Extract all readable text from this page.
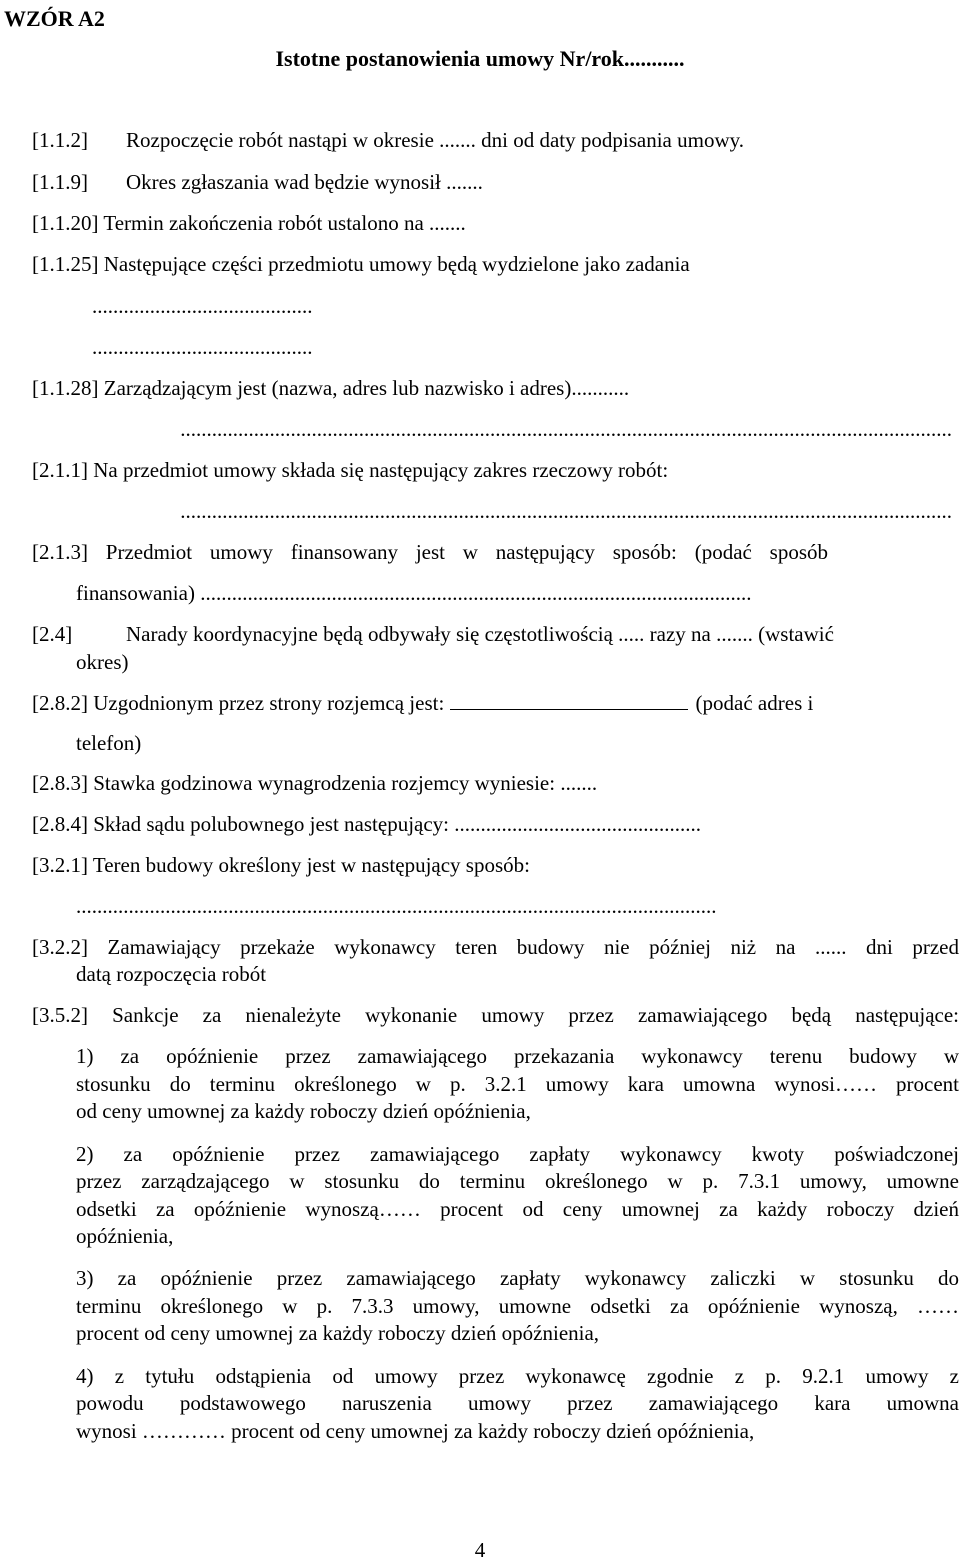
WZÓR A2
Istotne postanowienia umowy Nr/rok...........
[1.1.2] Rozpoczęcie robót nastąpi w okresie ....... dni od daty podpisania umowy.
[1.1.9] Okres zgłaszania wad będzie wynosił .......
[1.1.20] Termin zakończenia robót ustalono na .......
[1.1.25] Następujące części przedmiotu umowy będą wydzielone jako zadania
..........................................
..........................................
[1.1.28] Zarządzającym jest (nazwa, adres lub nazwisko i adres)...........
...................................................................................................................................................
[2.1.1] Na przedmiot umowy składa się następujący zakres rzeczowy robót:
...................................................................................................................................................
[2.1.3] Przedmiot umowy finansowany jest w następujący sposób: (podać sposób
finansowania) .........................................................................................................
[2.4]	Narady koordynacyjne będą odbywały się częstotliwością ..... razy na ....... (wstawić
okres)
[2.8.2] Uzgodnionym przez strony rozjemcą jest:	(podać adres i
telefon)
[2.8.3] Stawka godzinowa wynagrodzenia rozjemcy wyniesie: .......
[2.8.4] Skład sądu polubownego jest następujący: ...............................................
[3.2.1] Teren budowy określony jest w następujący sposób:
..........................................................................................................................
[3.2.2] Zamawiający przekaże wykonawcy teren budowy nie później niż na ...... dni przed
datą rozpoczęcia robót
[3.5.2] Sankcje za nienależyte wykonanie umowy przez zamawiającego będą następujące:
1) za opóźnienie przez zamawiającego przekazania wykonawcy terenu budowy w
stosunku do terminu określonego w p. 3.2.1 umowy kara umowna wynosi…… procent
od ceny umownej za każdy roboczy dzień opóźnienia,
2) za opóźnienie przez zamawiającego zapłaty wykonawcy kwoty poświadczonej
przez zarządzającego w stosunku do terminu określonego w p. 7.3.1 umowy, umowne
odsetki za opóźnienie wynoszą…… procent od ceny umownej za każdy roboczy dzień
opóźnienia,
3) za opóźnienie przez zamawiającego zapłaty wykonawcy zaliczki w stosunku do
terminu określonego w p. 7.3.3 umowy, umowne odsetki za opóźnienie wynoszą, ……
procent od ceny umownej za każdy roboczy dzień opóźnienia,
4) z tytułu odstąpienia od umowy przez wykonawcę zgodnie z p. 9.2.1 umowy z
powodu podstawowego naruszenia umowy przez zamawiającego kara umowna
wynosi ………… procent od ceny umownej za każdy roboczy dzień opóźnienia,
4
